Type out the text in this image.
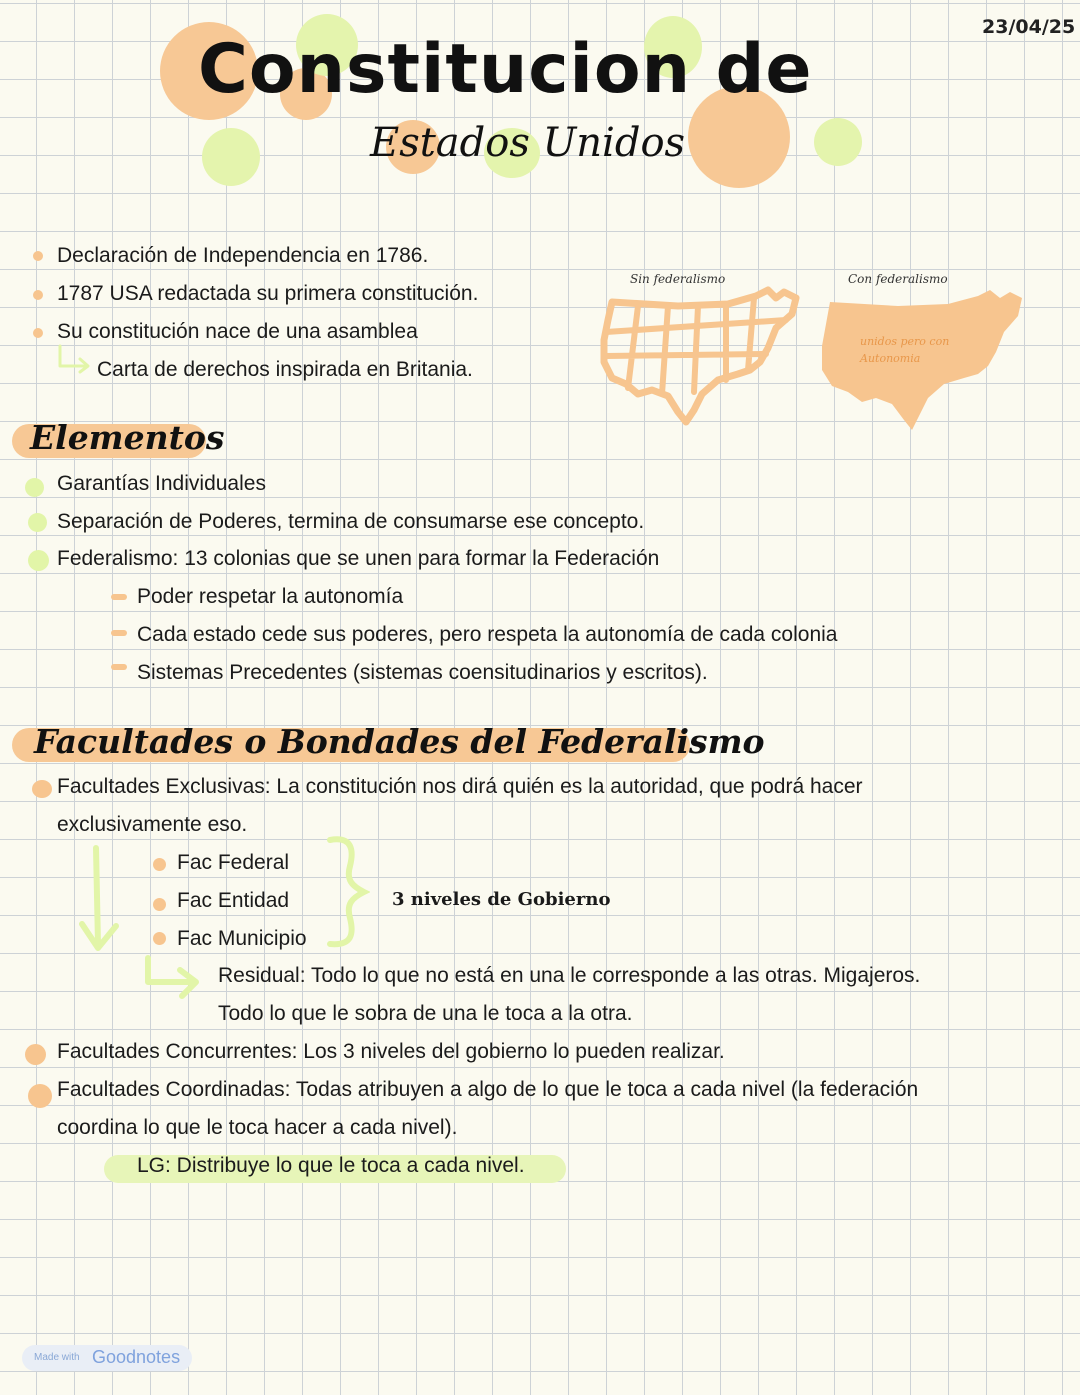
23/04/25
Constitucion de
Estados Unidos
Declaración de Independencia en 1786.
1787 USA redactada su primera constitución.
Su constitución nace de una asamblea
Carta de derechos inspirada en Britania.
Sin federalismo	Con federalismo
unidos pero con
Autonomia
Elementos
Garantías Individuales
Separación de Poderes, termina de consumarse ese concepto.
Federalismo: 13 colonias que se unen para formar la Federación
Poder respetar la autonomía
Cada estado cede sus poderes, pero respeta la autonomía de cada colonia
Sistemas Precedentes (sistemas coensitudinarios y escritos).
Facultades o Bondades del Federalismo
Facultades Exclusivas: La constitución nos dirá quién es la autoridad, que podrá hacer
exclusivamente eso.
Fac Federal
Fac Entidad
Fac Municipio
3 niveles de Gobierno
Residual: Todo lo que no está en una le corresponde a las otras. Migajeros.
Todo lo que le sobra de una le toca a la otra.
Facultades Concurrentes: Los 3 niveles del gobierno lo pueden realizar.
Facultades Coordinadas: Todas atribuyen a algo de lo que le toca a cada nivel (la federación
coordina lo que le toca hacer a cada nivel).
LG: Distribuye lo que le toca a cada nivel.
Made with Goodnotes
